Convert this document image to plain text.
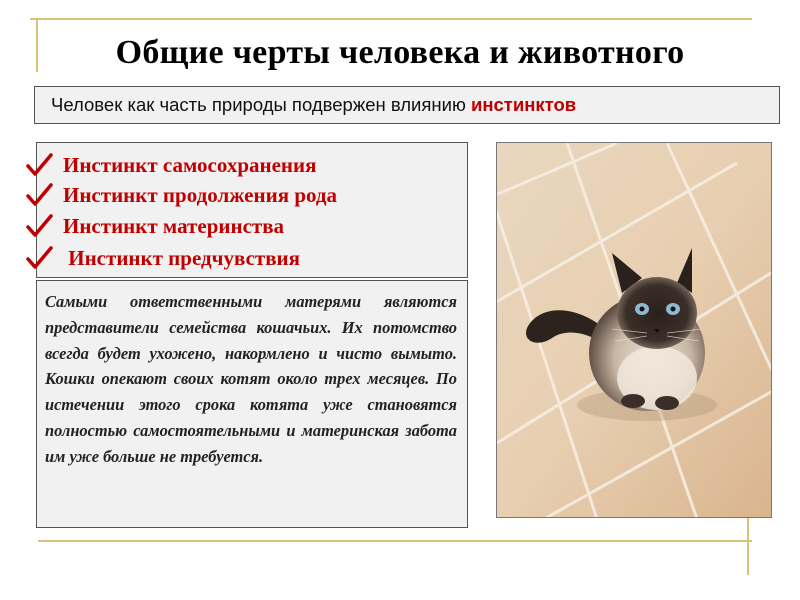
Общие черты человека и животного
Человек как часть природы подвержен влиянию инстинктов
Инстинкт самосохранения
Инстинкт продолжения рода
Инстинкт материнства
Инстинкт предчувствия

Самыми ответственными матерями являются представители семейства кошачьих. Их потомство всегда будет ухожено, накормлено и чисто вымыто. Кошки опекают своих котят около трех месяцев. По истечении этого срока котята уже становятся полностью самостоятельными и материнская забота им уже больше не требуется.
